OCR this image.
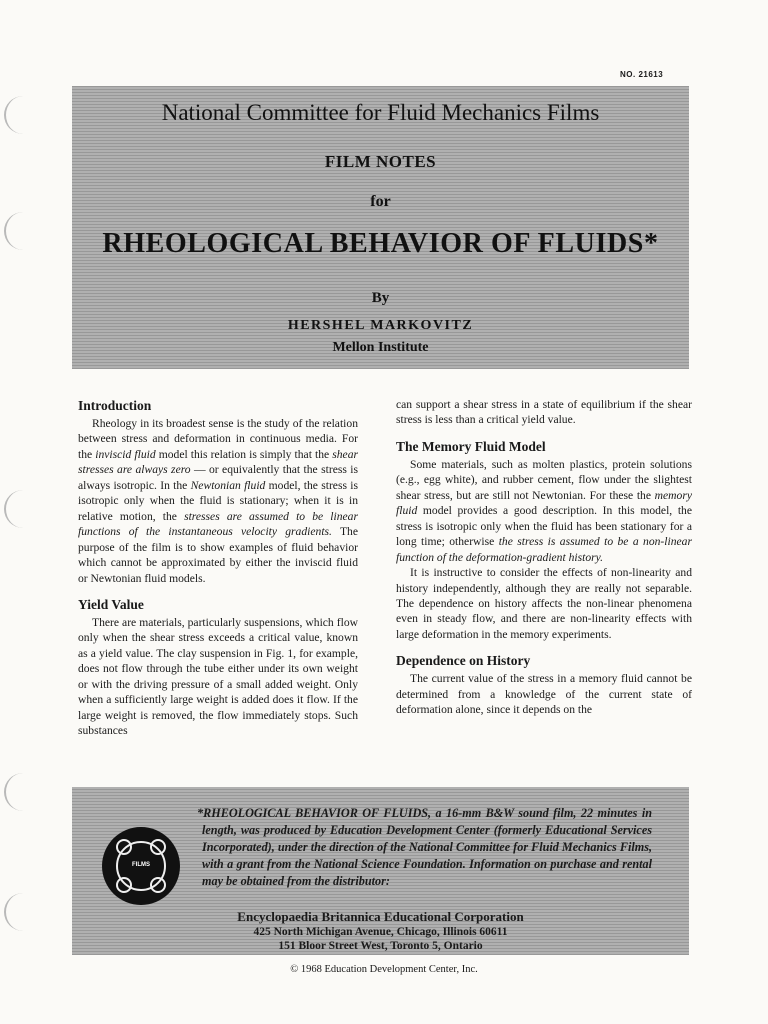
NO. 21613
National Committee for Fluid Mechanics Films
FILM NOTES
for
RHEOLOGICAL BEHAVIOR OF FLUIDS*
By
HERSHEL MARKOVITZ
Mellon Institute
Introduction

Rheology in its broadest sense is the study of the relation between stress and deformation in continuous media. For the inviscid fluid model this relation is simply that the shear stresses are always zero — or equivalently that the stress is always isotropic. In the Newtonian fluid model, the stress is isotropic only when the fluid is stationary; when it is in relative motion, the stresses are assumed to be linear functions of the instantaneous velocity gradients. The purpose of the film is to show examples of fluid behavior which cannot be approximated by either the inviscid fluid or Newtonian fluid models.

Yield Value

There are materials, particularly suspensions, which flow only when the shear stress exceeds a critical value, known as a yield value. The clay suspension in Fig. 1, for example, does not flow through the tube either under its own weight or with the driving pressure of a small added weight. Only when a sufficiently large weight is added does it flow. If the large weight is removed, the flow immediately stops. Such substances

can support a shear stress in a state of equilibrium if the shear stress is less than a critical yield value.

The Memory Fluid Model

Some materials, such as molten plastics, protein solutions (e.g., egg white), and rubber cement, flow under the slightest shear stress, but are still not Newtonian. For these the memory fluid model provides a good description. In this model, the stress is isotropic only when the fluid has been stationary for a long time; otherwise the stress is assumed to be a non-linear function of the deformation-gradient history.

It is instructive to consider the effects of non-linearity and history independently, although they are really not separable. The dependence on history affects the non-linear phenomena even in steady flow, and there are non-linearity effects with large deformation in the memory experiments.

Dependence on History

The current value of the stress in a memory fluid cannot be determined from a knowledge of the current state of deformation alone, since it depends on the

FILMS
*RHEOLOGICAL BEHAVIOR OF FLUIDS, a 16-mm B&W sound film, 22 minutes in length, was produced by Education Development Center (formerly Educational Services Incorporated), under the direction of the National Committee for Fluid Mechanics Films, with a grant from the National Science Foundation. Information on purchase and rental may be obtained from the distributor:
Encyclopaedia Britannica Educational Corporation
425 North Michigan Avenue, Chicago, Illinois 60611
151 Bloor Street West, Toronto 5, Ontario
© 1968 Education Development Center, Inc.
